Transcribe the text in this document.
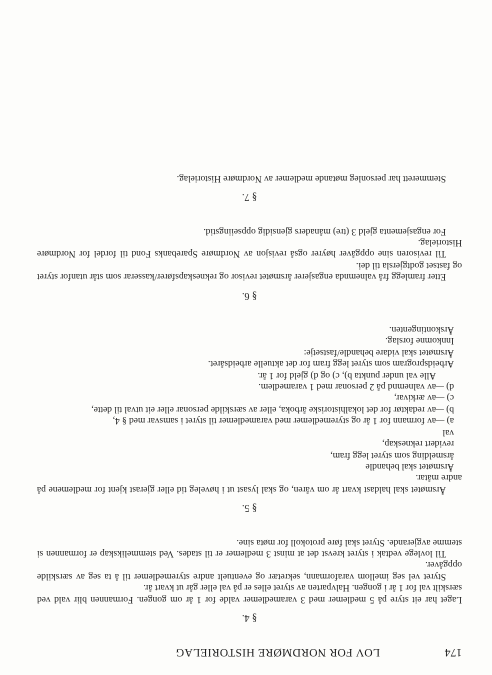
174
LOV FOR NORDMØRE HISTORIELAG
§ 4.

Laget har eit styre på 5 medlemer med 3 varamedlemer valde for 1 år om gongen. Formannen blir vald ved særskilt val for 1 år i gongen. Halvparten av styret elles er på val eller går ut kvart år.

Styret vel seg imellom varaformann, sekretær og eventuelt andre styremedlemer til å ta seg av særskilde oppgåver.

Til lovlege vedtak i styret krevst det at minst 3 medlemer er til stades. Ved stemmelikskap er formannen si stemme avgjerande. Styret skal føre protokoll for møta sine.

§ 5.

Årsmøtet skal haldast kvart år om våren, og skal lysast ut i høveleg tid eller gjerast kjent for medlemene på andre måtar.

Årsmøtet skal behandle

årsmelding som styret legg fram,

revidert rekneskap,

val

a) —
av formann for 1 år og styremedlemer med varamedlemer til styret i samsvar med § 4,
b) —
av redaktør for det lokalhistoriske årboka, eller av særskilde personar eller eit utval til dette,
c) —
av ærkivar,
d) —
av valnemnd på 2 personar med 1 varamedlem.

Alle val under punkta b), c) og d) gjeld for 1 år.

Arbeidsprogram som styret legg fram for det aktuelle arbeidsåret.

Årsmøtet skal vidare behandle/fastsetje:

Innkomne forslag.

Årskontingenten.

§ 6.

Etter framlegg frå valnemnda engasjerer årsmøtet revisor og rekneskapsfører/kasserar som står utanfor styret og fastset godtgjersla til dei.

Til revisoren sine oppgåver høyrer også revisjon av Nordmøre Sparebanks Fond til fordel for Nordmøre Historielag.

For engasjementa gjeld 3 (tre) månaders gjensidig oppseiingstid.

§ 7.

Stemmerett har personleg møtande medlemer av Nordmøre Historielag.
